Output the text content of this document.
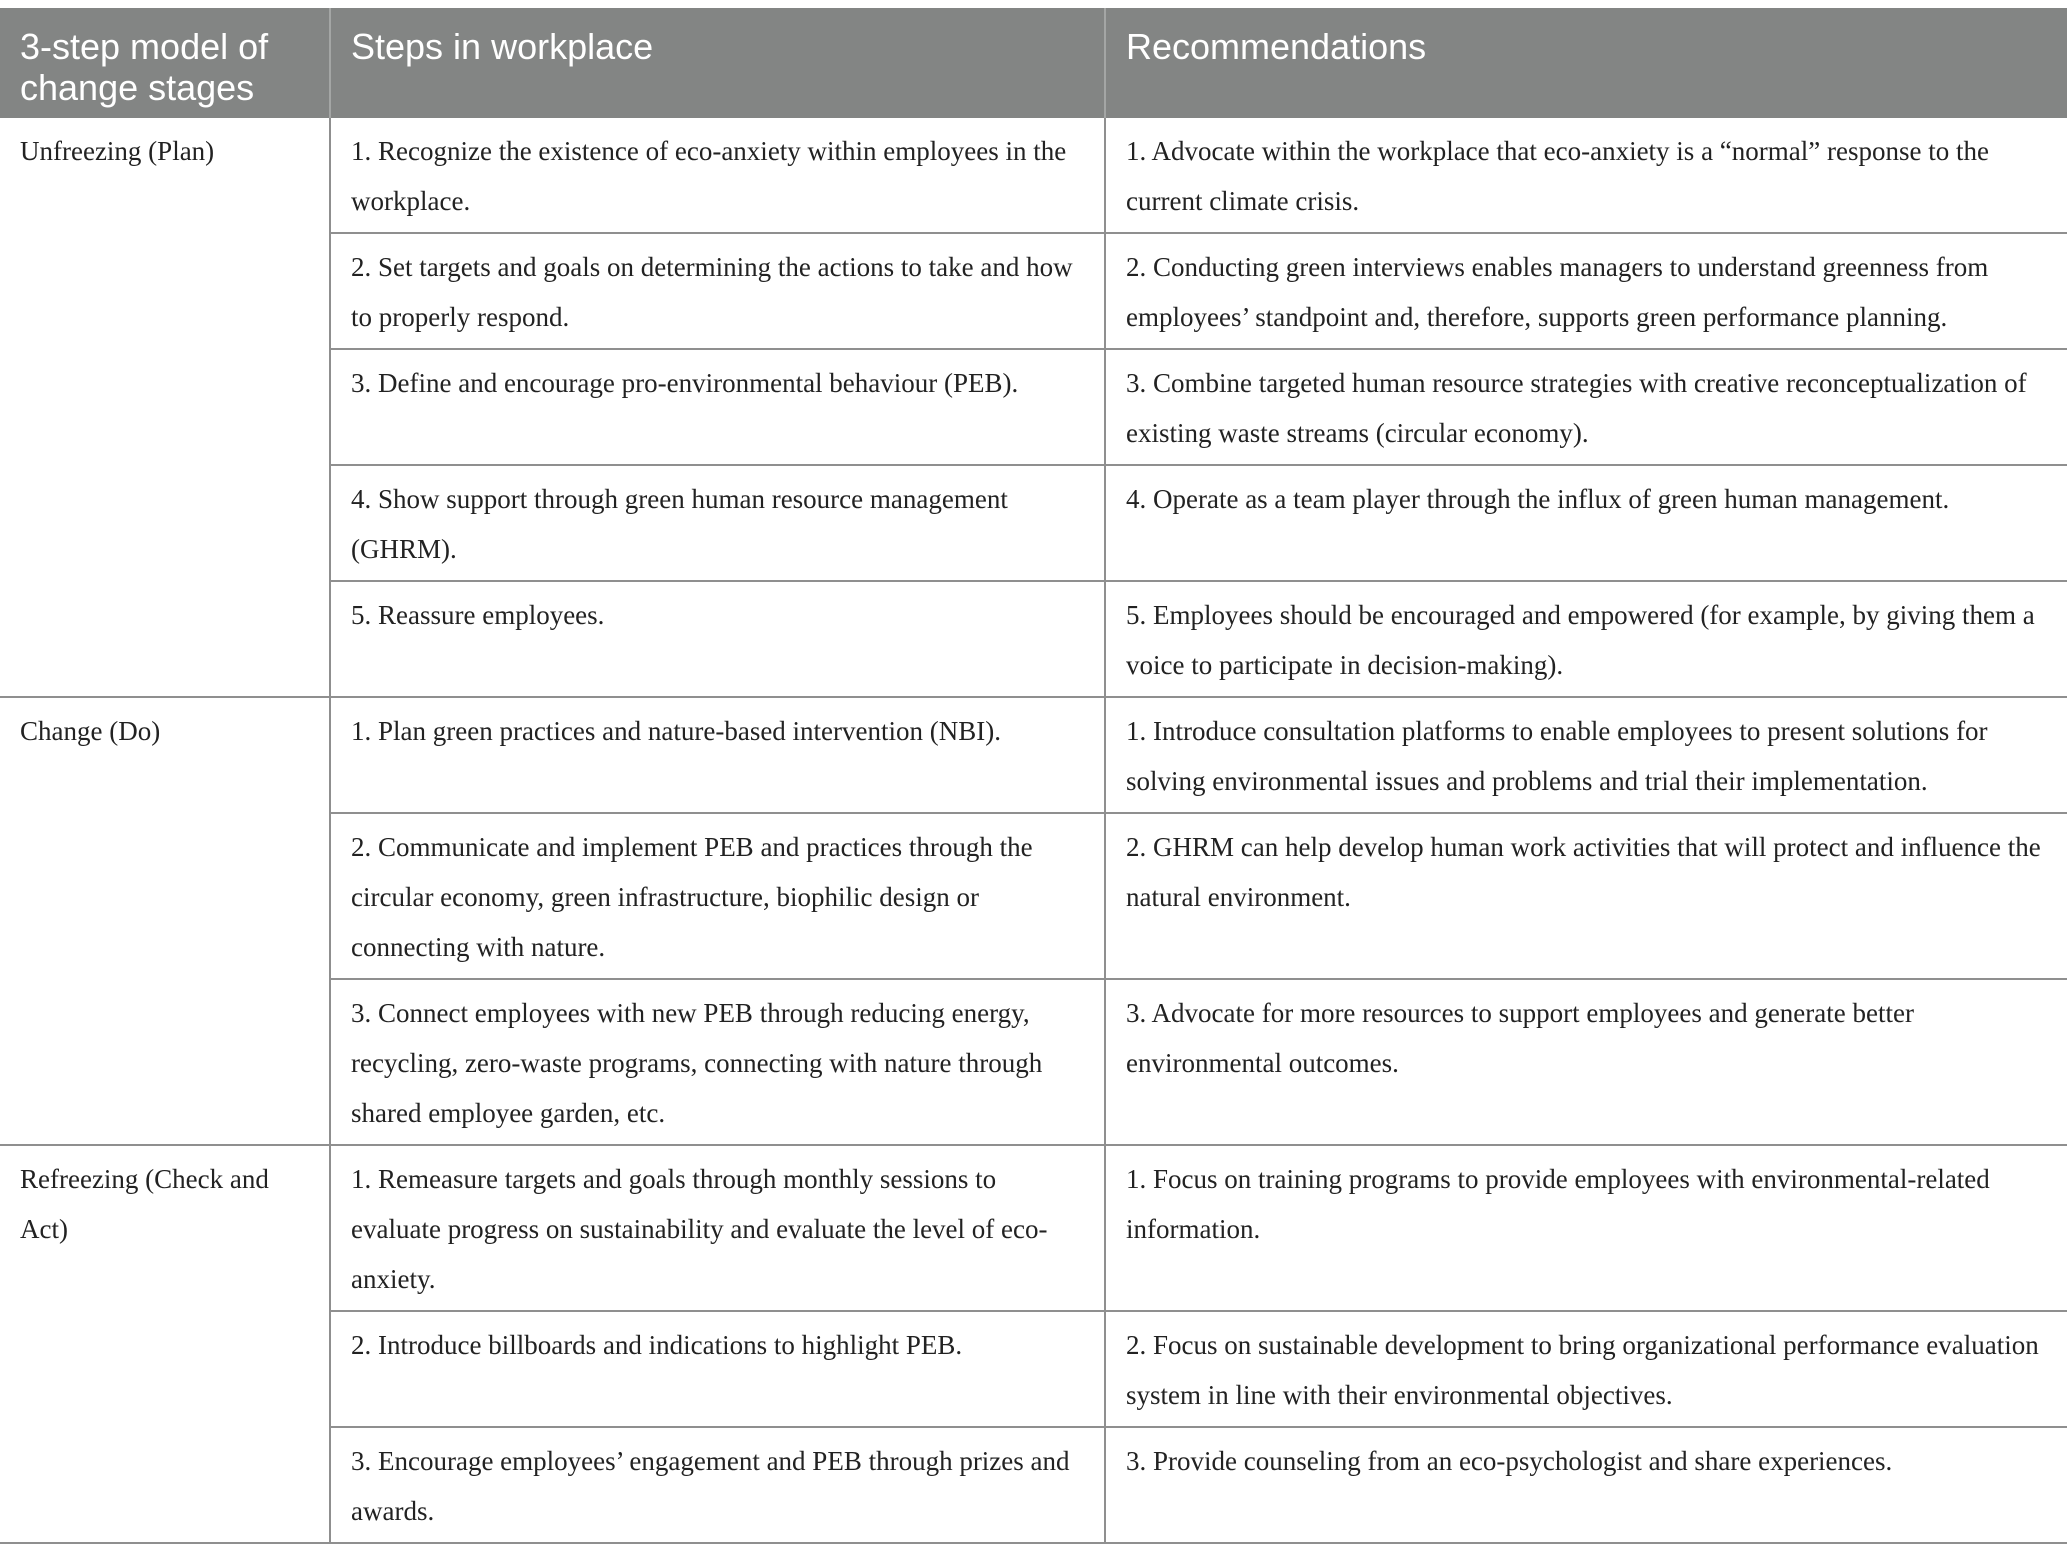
3-step model of change stages	Steps in workplace	Recommendations
Unfreezing (Plan)	1. Recognize the existence of eco-anxiety within employees in the workplace.	1. Advocate within the workplace that eco-anxiety is a “normal” response to the current climate crisis.
	2. Set targets and goals on determining the actions to take and how to properly respond.	2. Conducting green interviews enables managers to understand greenness from employees’ standpoint and, therefore, supports green performance planning.
	3. Define and encourage pro-environmental behaviour (PEB).	3. Combine targeted human resource strategies with creative reconceptualization of existing waste streams (circular economy).
	4. Show support through green human resource management (GHRM).	4. Operate as a team player through the influx of green human management.
	5. Reassure employees.	5. Employees should be encouraged and empowered (for example, by giving them a voice to participate in decision-making).
Change (Do)	1. Plan green practices and nature-based intervention (NBI).	1. Introduce consultation platforms to enable employees to present solutions for solving environmental issues and problems and trial their implementation.
	2. Communicate and implement PEB and practices through the circular economy, green infrastructure, biophilic design or connecting with nature.	2. GHRM can help develop human work activities that will protect and influence the natural environment.
	3. Connect employees with new PEB through reducing energy, recycling, zero-waste programs, connecting with nature through shared employee garden, etc.	3. Advocate for more resources to support employees and generate better environmental outcomes.
Refreezing (Check and Act)	1. Remeasure targets and goals through monthly sessions to evaluate progress on sustainability and evaluate the level of eco-anxiety.	1. Focus on training programs to provide employees with environmental-related information.
	2. Introduce billboards and indications to highlight PEB.	2. Focus on sustainable development to bring organizational performance evaluation system in line with their environmental objectives.
	3. Encourage employees’ engagement and PEB through prizes and awards.	3. Provide counseling from an eco-psychologist and share experiences.
